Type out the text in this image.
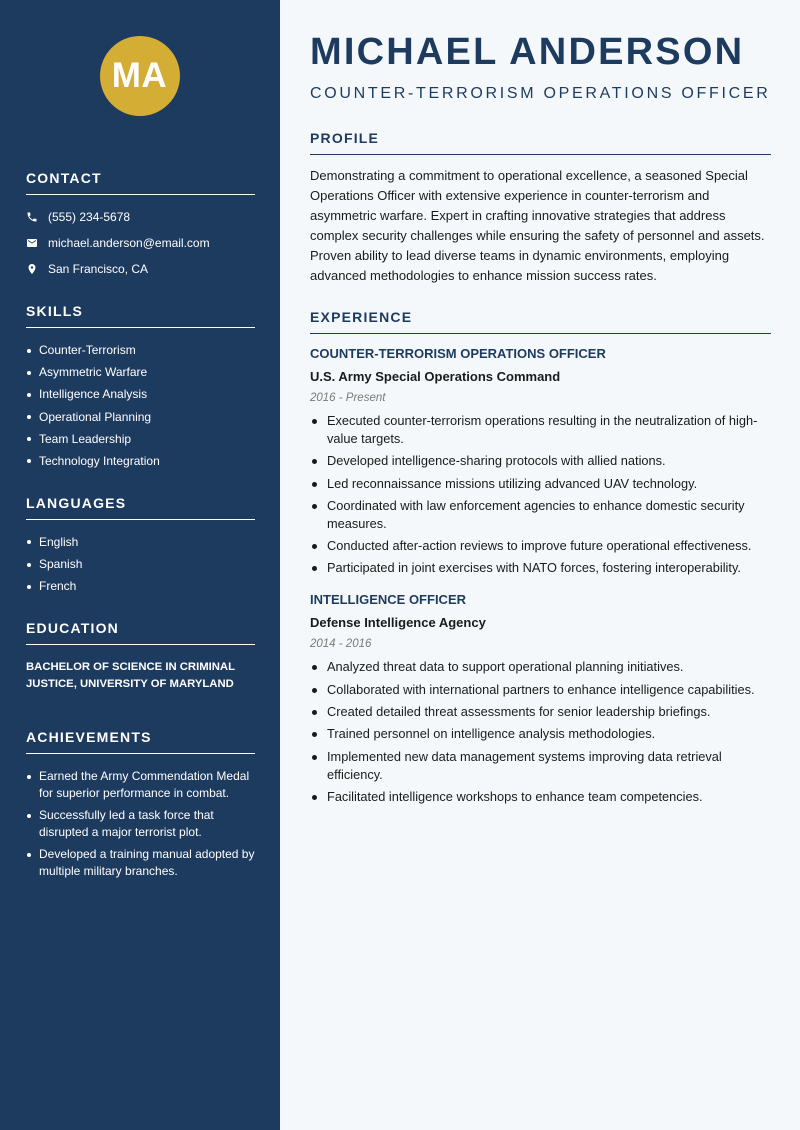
MA
CONTACT
(555) 234-5678
michael.anderson@email.com
San Francisco, CA
SKILLS
Counter-Terrorism
Asymmetric Warfare
Intelligence Analysis
Operational Planning
Team Leadership
Technology Integration
LANGUAGES
English
Spanish
French
EDUCATION
BACHELOR OF SCIENCE IN CRIMINAL JUSTICE, UNIVERSITY OF MARYLAND
ACHIEVEMENTS
Earned the Army Commendation Medal for superior performance in combat.
Successfully led a task force that disrupted a major terrorist plot.
Developed a training manual adopted by multiple military branches.
MICHAEL ANDERSON
COUNTER-TERRORISM OPERATIONS OFFICER
PROFILE

Demonstrating a commitment to operational excellence, a seasoned Special Operations Officer with extensive experience in counter-terrorism and asymmetric warfare. Expert in crafting innovative strategies that address complex security challenges while ensuring the safety of personnel and assets. Proven ability to lead diverse teams in dynamic environments, employing advanced methodologies to enhance mission success rates.

EXPERIENCE
COUNTER-TERRORISM OPERATIONS OFFICER
U.S. Army Special Operations Command
2016 - Present
Executed counter-terrorism operations resulting in the neutralization of high-value targets.
Developed intelligence-sharing protocols with allied nations.
Led reconnaissance missions utilizing advanced UAV technology.
Coordinated with law enforcement agencies to enhance domestic security measures.
Conducted after-action reviews to improve future operational effectiveness.
Participated in joint exercises with NATO forces, fostering interoperability.
INTELLIGENCE OFFICER
Defense Intelligence Agency
2014 - 2016
Analyzed threat data to support operational planning initiatives.
Collaborated with international partners to enhance intelligence capabilities.
Created detailed threat assessments for senior leadership briefings.
Trained personnel on intelligence analysis methodologies.
Implemented new data management systems improving data retrieval efficiency.
Facilitated intelligence workshops to enhance team competencies.
